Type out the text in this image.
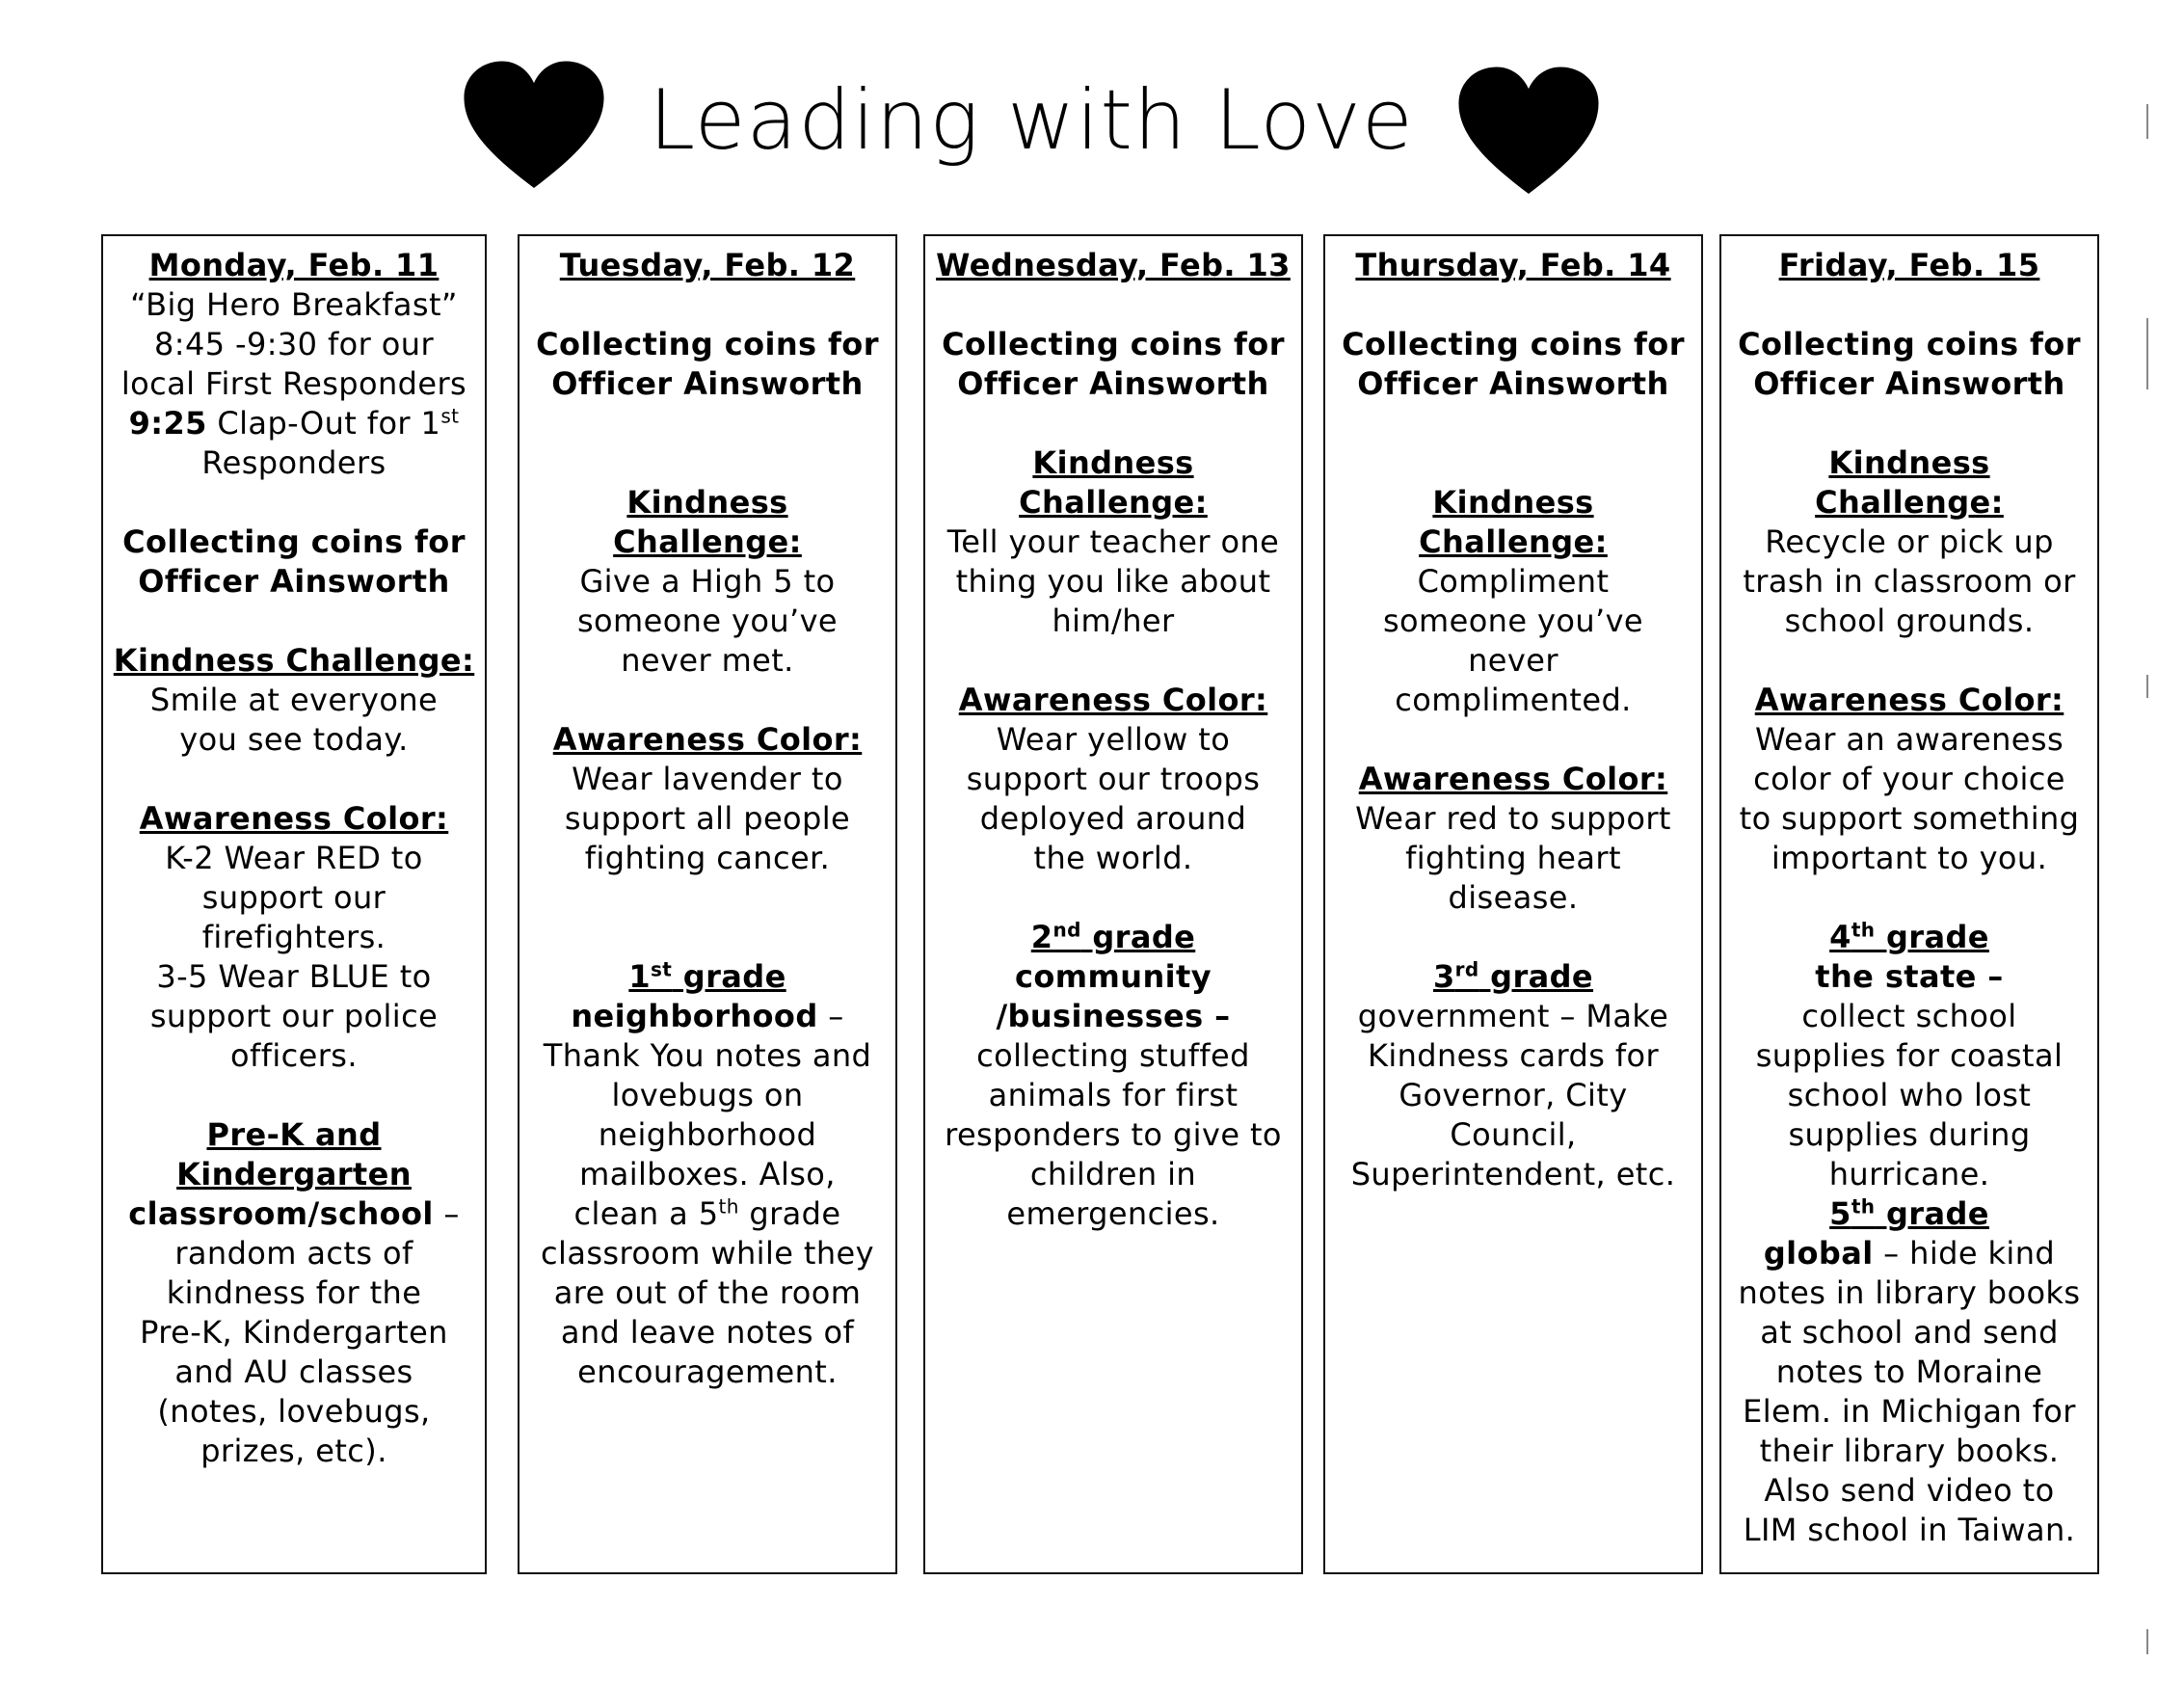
Leading with Love

Monday, Feb. 11

“Big Hero Breakfast”

8:45 -9:30 for our

local First Responders

9:25 Clap-Out for 1st

Responders

Collecting coins for

Officer Ainsworth

Kindness Challenge:

Smile at everyone

you see today.

Awareness Color:

K-2 Wear RED to

support our

firefighters.

3-5 Wear BLUE to

support our police

officers.

Pre-K and

Kindergarten

classroom/school –

random acts of

kindness for the

Pre-K, Kindergarten

and AU classes

(notes, lovebugs,

prizes, etc).

Tuesday, Feb. 12

Collecting coins for

Officer Ainsworth

Kindness Challenge:

Give a High 5 to

someone you’ve

never met.

Awareness Color:

Wear lavender to

support all people

fighting cancer.

1st grade

neighborhood –

Thank You notes and

lovebugs on

neighborhood

mailboxes. Also,

clean a 5th grade

classroom while they

are out of the room

and leave notes of

encouragement.

Wednesday, Feb. 13

Collecting coins for

Officer Ainsworth

Kindness Challenge:

Tell your teacher one

thing you like about

him/her

Awareness Color:

Wear yellow to

support our troops

deployed around

the world.

2nd grade

community

/businesses –

collecting stuffed

animals for first

responders to give to

children in

emergencies.

Thursday, Feb. 14

Collecting coins for

Officer Ainsworth

Kindness Challenge:

Compliment

someone you’ve

never

complimented.

Awareness Color:

Wear red to support

fighting heart

disease.

3rd grade

government – Make

Kindness cards for

Governor, City

Council,

Superintendent, etc.

Friday, Feb. 15

Collecting coins for

Officer Ainsworth

Kindness Challenge:

Recycle or pick up

trash in classroom or

school grounds.

Awareness Color:

Wear an awareness

color of your choice

to support something

important to you.

4th grade

the state –

collect school

supplies for coastal

school who lost

supplies during

hurricane.

5th grade

global – hide kind

notes in library books

at school and send

notes to Moraine

Elem. in Michigan for

their library books.

Also send video to

LIM school in Taiwan.
